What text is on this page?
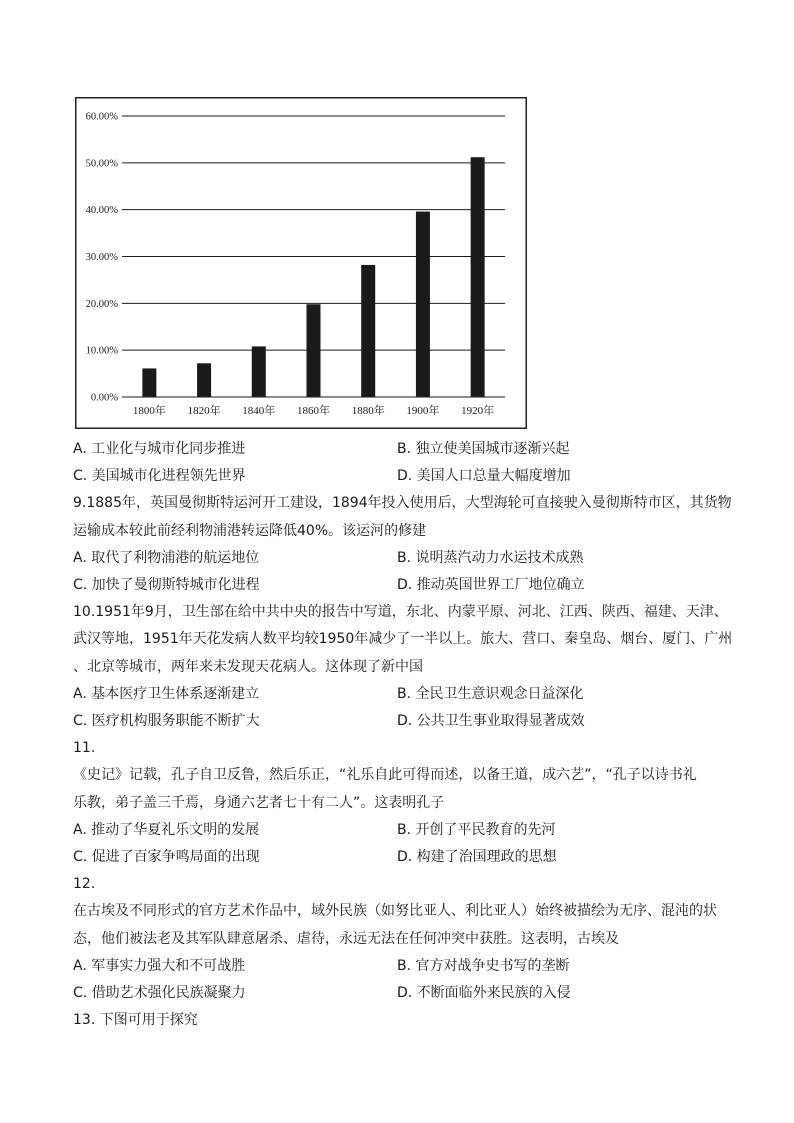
0.00%
10.00%
20.00%
30.00%
40.00%
50.00%
60.00%
1800年 1820年 1840年 1860年 1880年 1900年 1920年
A. 工业化与城市化同步推进	B. 独立使美国城市逐渐兴起
C. 美国城市化进程领先世界	D. 美国人口总量大幅度增加
9.1885年，英国曼彻斯特运河开工建设，1894年投入使用后，大型海轮可直接驶入曼彻斯特市区，其货物
运输成本较此前经利物浦港转运降低40%。该运河的修建
A. 取代了利物浦港的航运地位	B. 说明蒸汽动力水运技术成熟
C. 加快了曼彻斯特城市化进程	D. 推动英国世界工厂地位确立
10.1951年9月，卫生部在给中共中央的报告中写道，东北、内蒙平原、河北、江西、陕西、福建、天津、
武汉等地，1951年天花发病人数平均较1950年减少了一半以上。旅大、营口、秦皇岛、烟台、厦门、广州
、北京等城市，两年来未发现天花病人。这体现了新中国
A. 基本医疗卫生体系逐渐建立	B. 全民卫生意识观念日益深化
C. 医疗机构服务职能不断扩大	D. 公共卫生事业取得显著成效
11.
《史记》记载，孔子自卫反鲁，然后乐正，“礼乐自此可得而述，以备王道，成六艺”，“孔子以诗书礼
乐教，弟子盖三千焉，身通六艺者七十有二人”。这表明孔子
A. 推动了华夏礼乐文明的发展	B. 开创了平民教育的先河
C. 促进了百家争鸣局面的出现	D. 构建了治国理政的思想
12.
在古埃及不同形式的官方艺术作品中，域外民族（如努比亚人、利比亚人）始终被描绘为无序、混沌的状
态，他们被法老及其军队肆意屠杀、虐待，永远无法在任何冲突中获胜。这表明，古埃及
A. 军事实力强大和不可战胜	B. 官方对战争史书写的垄断
C. 借助艺术强化民族凝聚力	D. 不断面临外来民族的入侵
13. 下图可用于探究
